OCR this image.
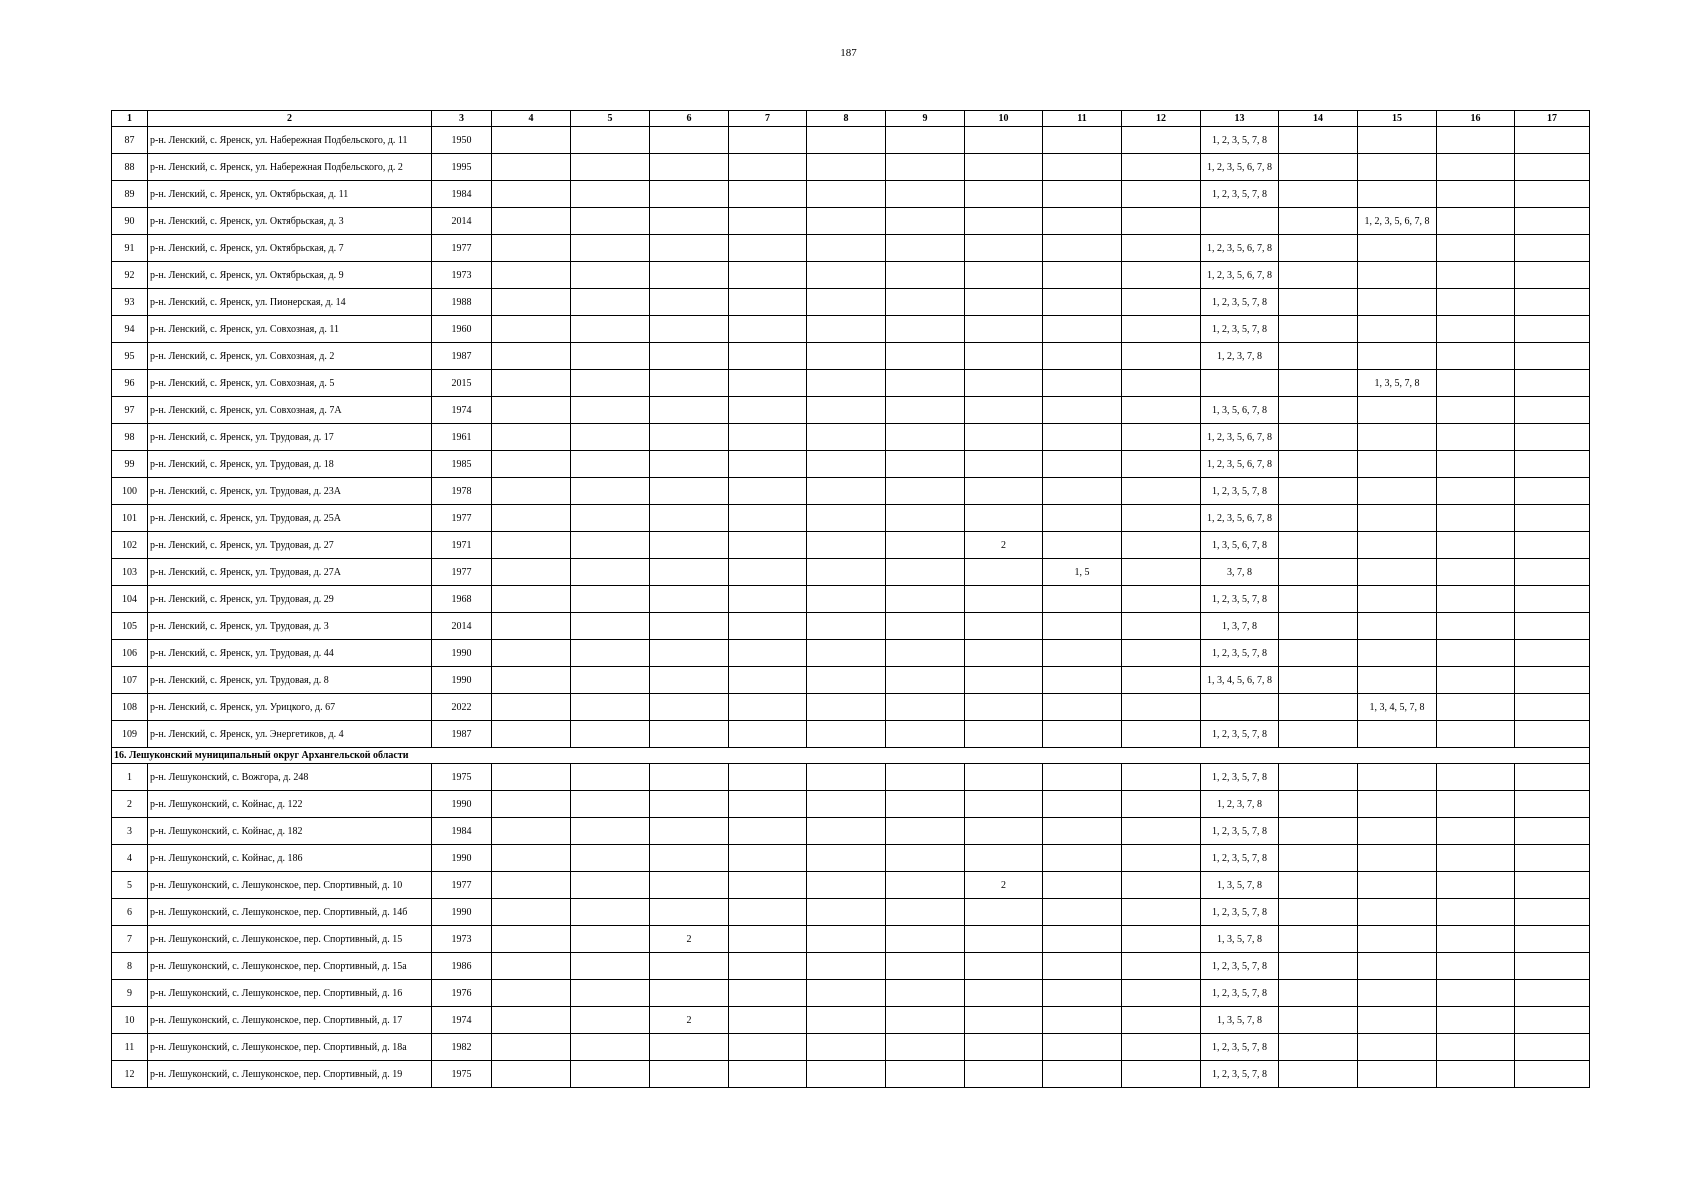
187
1	2	3	4	5	6	7	8	9	10	11	12	13	14	15	16	17
87	р-н. Ленский, с. Яренск, ул. Набережная Подбельского, д. 11	1950										1, 2, 3, 5, 7, 8				
88	р-н. Ленский, с. Яренск, ул. Набережная Подбельского, д. 2	1995										1, 2, 3, 5, 6, 7, 8				
89	р-н. Ленский, с. Яренск, ул. Октябрьская, д. 11	1984										1, 2, 3, 5, 7, 8				
90	р-н. Ленский, с. Яренск, ул. Октябрьская, д. 3	2014												1, 2, 3, 5, 6, 7, 8		
91	р-н. Ленский, с. Яренск, ул. Октябрьская, д. 7	1977										1, 2, 3, 5, 6, 7, 8				
92	р-н. Ленский, с. Яренск, ул. Октябрьская, д. 9	1973										1, 2, 3, 5, 6, 7, 8				
93	р-н. Ленский, с. Яренск, ул. Пионерская, д. 14	1988										1, 2, 3, 5, 7, 8				
94	р-н. Ленский, с. Яренск, ул. Совхозная, д. 11	1960										1, 2, 3, 5, 7, 8				
95	р-н. Ленский, с. Яренск, ул. Совхозная, д. 2	1987										1, 2, 3, 7, 8				
96	р-н. Ленский, с. Яренск, ул. Совхозная, д. 5	2015												1, 3, 5, 7, 8		
97	р-н. Ленский, с. Яренск, ул. Совхозная, д. 7А	1974										1, 3, 5, 6, 7, 8				
98	р-н. Ленский, с. Яренск, ул. Трудовая, д. 17	1961										1, 2, 3, 5, 6, 7, 8				
99	р-н. Ленский, с. Яренск, ул. Трудовая, д. 18	1985										1, 2, 3, 5, 6, 7, 8				
100	р-н. Ленский, с. Яренск, ул. Трудовая, д. 23А	1978										1, 2, 3, 5, 7, 8				
101	р-н. Ленский, с. Яренск, ул. Трудовая, д. 25А	1977										1, 2, 3, 5, 6, 7, 8				
102	р-н. Ленский, с. Яренск, ул. Трудовая, д. 27	1971							2			1, 3, 5, 6, 7, 8				
103	р-н. Ленский, с. Яренск, ул. Трудовая, д. 27А	1977								1, 5		3, 7, 8				
104	р-н. Ленский, с. Яренск, ул. Трудовая, д. 29	1968										1, 2, 3, 5, 7, 8				
105	р-н. Ленский, с. Яренск, ул. Трудовая, д. 3	2014										1, 3, 7, 8				
106	р-н. Ленский, с. Яренск, ул. Трудовая, д. 44	1990										1, 2, 3, 5, 7, 8				
107	р-н. Ленский, с. Яренск, ул. Трудовая, д. 8	1990										1, 3, 4, 5, 6, 7, 8				
108	р-н. Ленский, с. Яренск, ул. Урицкого, д. 67	2022												1, 3, 4, 5, 7, 8		
109	р-н. Ленский, с. Яренск, ул. Энергетиков, д. 4	1987										1, 2, 3, 5, 7, 8				
16. Лешуконский муниципальный округ Архангельской области																
1	р-н. Лешуконский, с. Вожгора, д. 248	1975										1, 2, 3, 5, 7, 8				
2	р-н. Лешуконский, с. Койнас, д. 122	1990										1, 2, 3, 7, 8				
3	р-н. Лешуконский, с. Койнас, д. 182	1984										1, 2, 3, 5, 7, 8				
4	р-н. Лешуконский, с. Койнас, д. 186	1990										1, 2, 3, 5, 7, 8				
5	р-н. Лешуконский, с. Лешуконское, пер. Спортивный, д. 10	1977							2			1, 3, 5, 7, 8				
6	р-н. Лешуконский, с. Лешуконское, пер. Спортивный, д. 14б	1990										1, 2, 3, 5, 7, 8				
7	р-н. Лешуконский, с. Лешуконское, пер. Спортивный, д. 15	1973			2							1, 3, 5, 7, 8				
8	р-н. Лешуконский, с. Лешуконское, пер. Спортивный, д. 15а	1986										1, 2, 3, 5, 7, 8				
9	р-н. Лешуконский, с. Лешуконское, пер. Спортивный, д. 16	1976										1, 2, 3, 5, 7, 8				
10	р-н. Лешуконский, с. Лешуконское, пер. Спортивный, д. 17	1974			2							1, 3, 5, 7, 8				
11	р-н. Лешуконский, с. Лешуконское, пер. Спортивный, д. 18а	1982										1, 2, 3, 5, 7, 8				
12	р-н. Лешуконский, с. Лешуконское, пер. Спортивный, д. 19	1975										1, 2, 3, 5, 7, 8				
